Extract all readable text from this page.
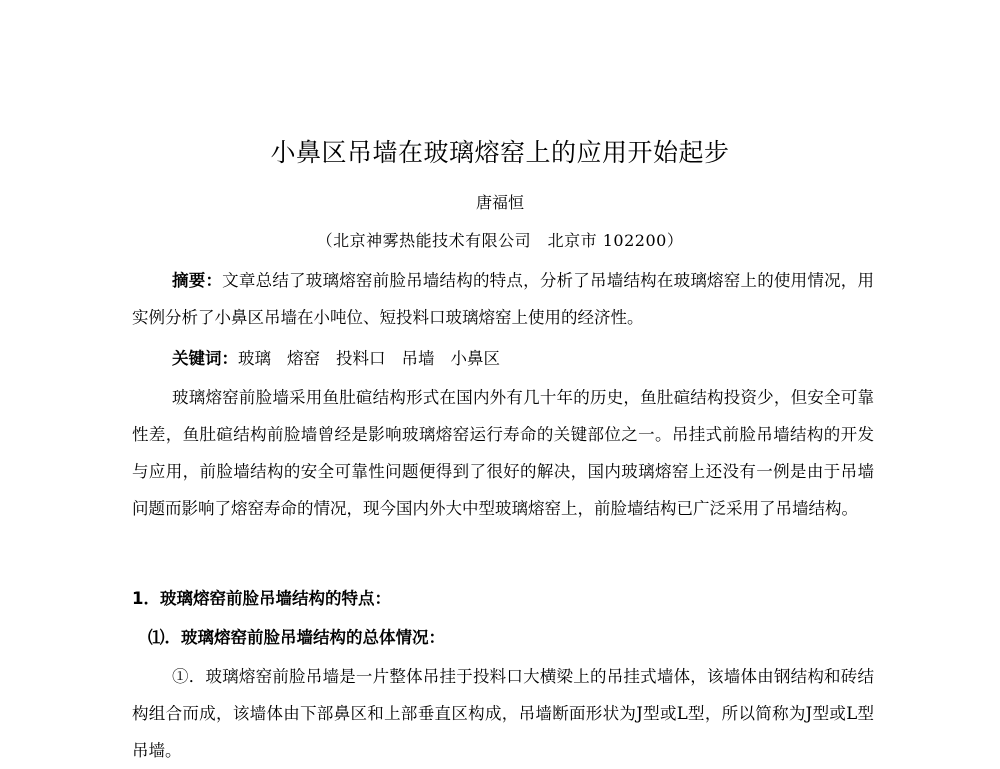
小鼻区吊墙在玻璃熔窑上的应用开始起步
唐福恒
（北京神雾热能技术有限公司　北京市 102200）

摘要：文章总结了玻璃熔窑前脸吊墙结构的特点，分析了吊墙结构在玻璃熔窑上的使用情况，用实例分析了小鼻区吊墙在小吨位、短投料口玻璃熔窑上使用的经济性。

关键词：玻璃 熔窑 投料口 吊墙 小鼻区

玻璃熔窑前脸墙采用鱼肚碹结构形式在国内外有几十年的历史，鱼肚碹结构投资少，但安全可靠性差，鱼肚碹结构前脸墙曾经是影响玻璃熔窑运行寿命的关键部位之一。吊挂式前脸吊墙结构的开发与应用，前脸墙结构的安全可靠性问题便得到了很好的解决，国内玻璃熔窑上还没有一例是由于吊墙问题而影响了熔窑寿命的情况，现今国内外大中型玻璃熔窑上，前脸墙结构已广泛采用了吊墙结构。

1．玻璃熔窑前脸吊墙结构的特点：
⑴．玻璃熔窑前脸吊墙结构的总体情况：

①．玻璃熔窑前脸吊墙是一片整体吊挂于投料口大横梁上的吊挂式墙体，该墙体由钢结构和砖结构组合而成，该墙体由下部鼻区和上部垂直区构成，吊墙断面形状为J型或L型，所以简称为J型或L型吊墙。
